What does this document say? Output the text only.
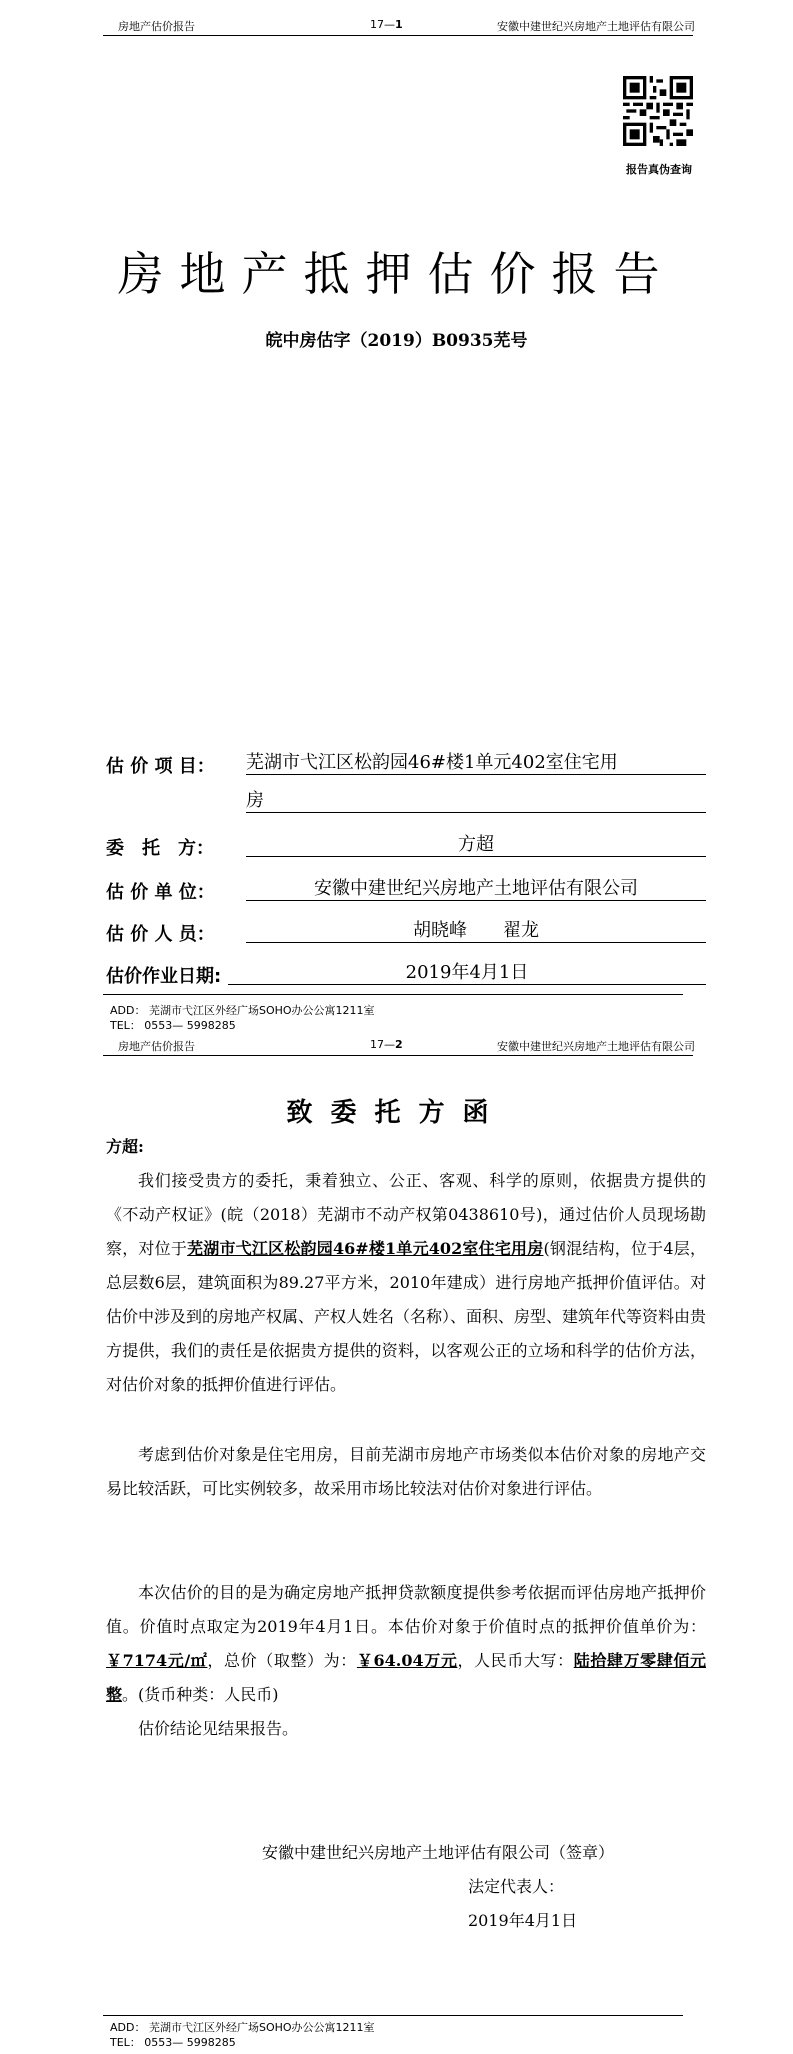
房地产估价报告	17—1	安徽中建世纪兴房地产土地评估有限公司
报告真伪查询
房地产抵押估价报告
皖中房估字（2019）B0935芜号
估 价 项 目： 芜湖市弋江区松韵园46#楼1单元402室住宅用
房
委　托　方：	方超
估 价 单 位：	安徽中建世纪兴房地产土地评估有限公司
估 价 人 员：	胡晓峰　　翟龙
估价作业日期:	2019年4月1日
ADD： 芜湖市弋江区外经广场SOHO办公公寓1211室
TEL： 0553— 5998285
房地产估价报告	17—2	安徽中建世纪兴房地产土地评估有限公司
致委托方函
方超:
我们接受贵方的委托，秉着独立、公正、客观、科学的原则，依据贵方提供的《不动产权证》(皖（2018）芜湖市不动产权第0438610号)，通过估价人员现场勘察，对位于芜湖市弋江区松韵园46#楼1单元402室住宅用房(钢混结构，位于4层，总层数6层，建筑面积为89.27平方米，2010年建成）进行房地产抵押价值评估。对估价中涉及到的房地产权属、产权人姓名（名称）、面积、房型、建筑年代等资料由贵方提供，我们的责任是依据贵方提供的资料，以客观公正的立场和科学的估价方法，对估价对象的抵押价值进行评估。
考虑到估价对象是住宅用房，目前芜湖市房地产市场类似本估价对象的房地产交易比较活跃，可比实例较多，故采用市场比较法对估价对象进行评估。
本次估价的目的是为确定房地产抵押贷款额度提供参考依据而评估房地产抵押价值。价值时点取定为2019年4月1日。本估价对象于价值时点的抵押价值单价为：￥7174元/㎡，总价（取整）为：￥64.04万元，人民币大写：陆拾肆万零肆佰元整。(货币种类：人民币)
估价结论见结果报告。
安徽中建世纪兴房地产土地评估有限公司（签章）
法定代表人：
2019年4月1日
ADD： 芜湖市弋江区外经广场SOHO办公公寓1211室
TEL： 0553— 5998285
